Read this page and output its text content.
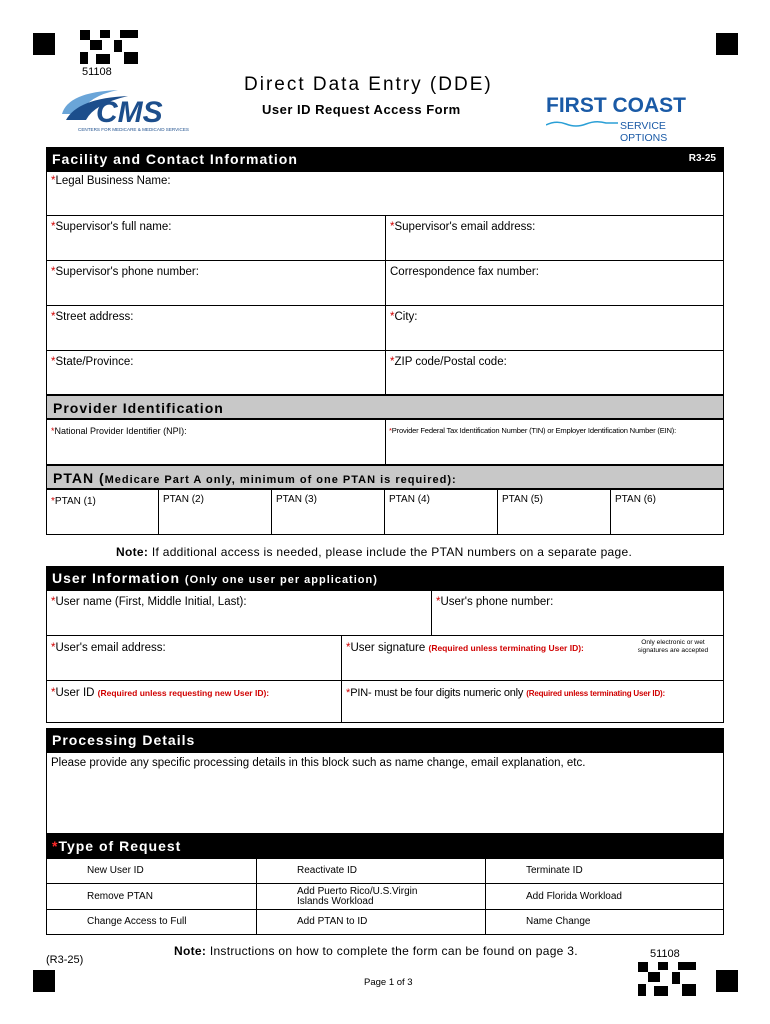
51108
CMS
CENTERS FOR MEDICARE & MEDICAID SERVICES
Direct Data Entry (DDE)
User ID Request Access Form	FIRST COAST
SERVICE OPTIONS
Facility and Contact Information	R3-25
*Legal Business Name:
*Supervisor's full name:	*Supervisor's email address:
*Supervisor's phone number:	Correspondence fax number:
*Street address:	*City:
*State/Province:	*ZIP code/Postal code:
Provider Identification
*National Provider Identifier (NPI):	*Provider Federal Tax Identification Number (TIN) or Employer Identification Number (EIN):
PTAN (Medicare Part A only, minimum of one PTAN is required):
*PTAN (1)	PTAN (2)	PTAN (3)	PTAN (4)	PTAN (5)	PTAN (6)
Note: If additional access is needed, please include the PTAN numbers on a separate page.
User Information (Only one user per application)
*User name (First, Middle Initial, Last):	*User's phone number:
*User's email address:	*User signature (Required unless terminating User ID):
Only electronic or wet signatures are accepted
*User ID (Required unless requesting new User ID):	*PIN- must be four digits numeric only (Required unless terminating User ID):
Processing Details
Please provide any specific processing details in this block such as name change, email explanation, etc.
*Type of Request
New User ID	Reactivate ID	Terminate ID
Remove PTAN	Add Puerto Rico/U.S.Virgin Islands Workload	Add Florida Workload
Change Access to Full	Add PTAN to ID	Name Change
Note: Instructions on how to complete the form can be found on page 3.
(R3-25)	51108
Page 1 of 3
